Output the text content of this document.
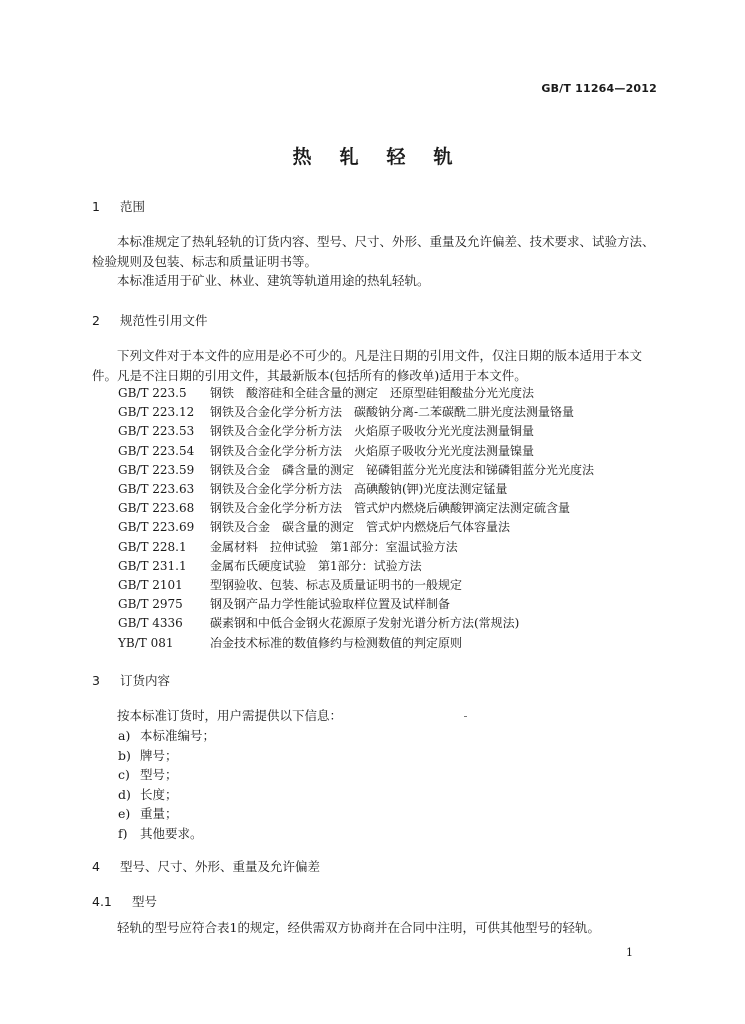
GB/T 11264—2012
热轧轻轨
1 范围
本标准规定了热轧轻轨的订货内容、型号、尺寸、外形、重量及允许偏差、技术要求、试验方法、检验规则及包装、标志和质量证明书等。
本标准适用于矿业、林业、建筑等轨道用途的热轧轻轨。
2 规范性引用文件
下列文件对于本文件的应用是必不可少的。凡是注日期的引用文件，仅注日期的版本适用于本文件。凡是不注日期的引用文件，其最新版本(包括所有的修改单)适用于本文件。
GB/T 223.5 钢铁　酸溶硅和全硅含量的测定　还原型硅钼酸盐分光光度法
GB/T 223.12 钢铁及合金化学分析方法　碳酸钠分离-二苯碳酰二肼光度法测量铬量
GB/T 223.53 钢铁及合金化学分析方法　火焰原子吸收分光光度法测量铜量
GB/T 223.54 钢铁及合金化学分析方法　火焰原子吸收分光光度法测量镍量
GB/T 223.59 钢铁及合金　磷含量的测定　铋磷钼蓝分光光度法和锑磷钼蓝分光光度法
GB/T 223.63 钢铁及合金化学分析方法　高碘酸钠(钾)光度法测定锰量
GB/T 223.68 钢铁及合金化学分析方法　管式炉内燃烧后碘酸钾滴定法测定硫含量
GB/T 223.69 钢铁及合金　碳含量的测定　管式炉内燃烧后气体容量法
GB/T 228.1 金属材料　拉伸试验　第1部分：室温试验方法
GB/T 231.1 金属布氏硬度试验　第1部分：试验方法
GB/T 2101 型钢验收、包装、标志及质量证明书的一般规定
GB/T 2975 钢及钢产品力学性能试验取样位置及试样制备
GB/T 4336 碳素钢和中低合金钢火花源原子发射光谱分析方法(常规法)
YB/T 081	冶金技术标准的数值修约与检测数值的判定原则
3 订货内容
按本标准订货时，用户需提供以下信息：
a) 本标准编号；
b) 牌号；
c) 型号；
d) 长度；
e) 重量；
f) 其他要求。
4 型号、尺寸、外形、重量及允许偏差
4.1 型号
轻轨的型号应符合表1的规定，经供需双方协商并在合同中注明，可供其他型号的轻轨。
1
